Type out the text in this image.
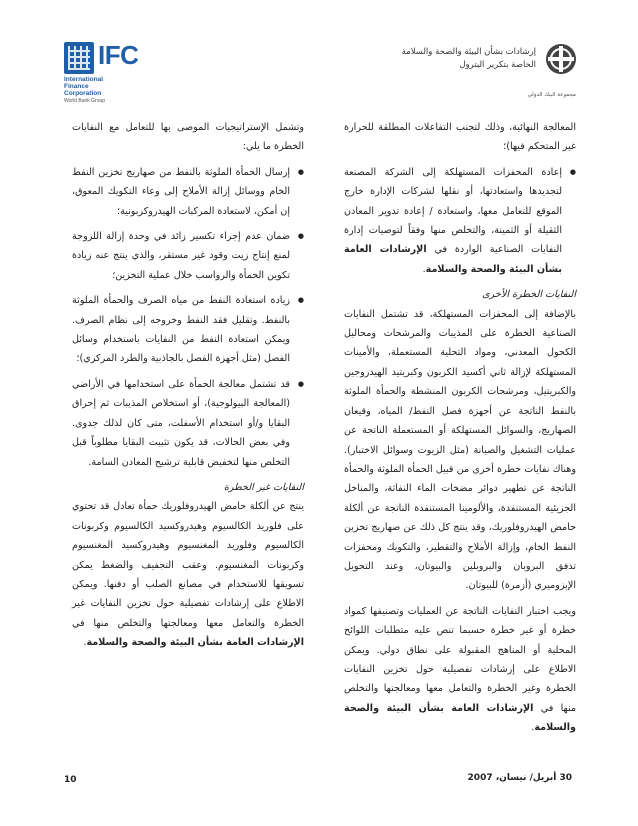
IFC
International
Finance
Corporation
World Bank Group
إرشادات بشأن البيئة والصحة والسلامة
الخاصة بتكرير البترول
مجموعة البنك الدولي

المعالجة النهائية، وذلك لتجنب التفاعلات المطلقة للحرارة غير المتحكم فيها)؛

● إعادة المحفزات المستهلكة إلى الشركة المصنعة لتجديدها واستعادتها، أو نقلها لشركات الإدارة خارج الموقع للتعامل معها، واستعادة / إعادة تدوير المعادن الثقيلة أو الثمينة، والتخلص منها وفقاً لتوصيات إدارة النفايات الصناعية الواردة في الإرشادات العامة بشأن البيئة والصحة والسلامة.

النفايات الخطرة الأخرى

بالإضافة إلى المحفزات المستهلكة، قد تشتمل النفايات الصناعية الخطرة على المذيبات والمرشحات ومحاليل الكحول المعدني، ومواد التحلية المستعملة، والأمينات المستهلكة لإزالة ثاني أكسيد الكربون وكبريتيد الهيدروجين والكبريتيل، ومرشحات الكربون المنشطة والحمأة الملوثة بالنفط الناتجة عن أجهزة فصل النفط/ المياه، وقيعان الصهاريج، والسوائل المستهلكة أو المستعملة الناتجة عن عمليات التشغيل والصيانة (مثل الزيوت وسوائل الاختبار). وهناك نفايات خطرة أخرى من قبيل الحمأة الملوثة والحمأة الناتجة عن تطهير دوائر مضخات الماء النفاثة، والمناخل الجزيئية المستنفدة، والألومينا المستنفدة الناتجة عن ألكلة حامض الهيدروفلوريك، وقد ينتج كل ذلك عن صهاريج تخزين النفط الخام، وإزالة الأملاح والتقطير، والتكويك ومحفزات تدفق البروبان والبروبلين والبيوتان، وعند التحويل الإيزوميري (أزمرة) للبيوتان.

ويجب اختبار النفايات الناتجة عن العمليات وتصنيفها كمواد خطرة أو غير خطرة حسبما تنص عليه متطلبات اللوائح المحلية أو المناهج المقبولة على نطاق دولي. ويمكن الاطلاع على إرشادات تفصيلية حول تخزين النفايات الخطرة وغير الخطرة والتعامل معها ومعالجتها والتخلص منها في الإرشادات العامة بشأن البيئة والصحة والسلامة.

وتشمل الإستراتيجيات الموصى بها للتعامل مع النفايات الخطرة ما يلي:

● إرسال الحمأة الملوثة بالنفط من صهاريج تخزين النفط الخام ووسائل إزالة الأملاح إلى وعاء التكويك المعوق، إن أمكن، لاستعادة المركبات الهيدروكربونية؛

● ضمان عدم إجراء تكسير زائد في وحدة إزالة اللزوجة لمنع إنتاج زيت وقود غير مستقر، والذي ينتج عنه زيادة تكوين الحمأة والرواسب خلال عملية التخزين؛

● زيادة استعادة النفط من مياه الصرف والحمأة الملوثة بالنفط. وتقليل فقد النفط وخروجه إلى نظام الصرف. ويمكن استعادة النفط من النفايات باستخدام وسائل الفصل (مثل أجهزة الفصل بالجاذبية والطرد المركزي)؛

● قد تشتمل معالجة الحمأة على استخدامها في الأراضي (المعالجة البيولوجية)، أو استخلاص المذيبات ثم إحراق البقايا و/أو استخدام الأسفلت، متى كان لذلك جدوى. وفي بعض الحالات، قد يكون تثبيت البقايا مطلوباً قبل التخلص منها لتخفيض قابلية ترشيح المعادن السامة.

النفايات غير الخطرة

ينتج عن ألكلة حامض الهيدروفلوريك حمأة تعادل قد تحتوي على فلوريد الكالسيوم وهيدروكسيد الكالسيوم وكربونات الكالسيوم وفلوريد المغنسيوم وهيدروكسيد المغنسيوم وكربونات المغنسيوم. وعقب التجفيف والضغط يمكن تسويقها للاستخدام في مصانع الصلب أو دفنها. ويمكن الاطلاع على إرشادات تفصيلية حول تخزين النفايات غير الخطرة والتعامل معها ومعالجتها والتخلص منها في الإرشادات العامة بشأن البيئة والصحة والسلامة.

10	30 أبريل/ نيسان، 2007
